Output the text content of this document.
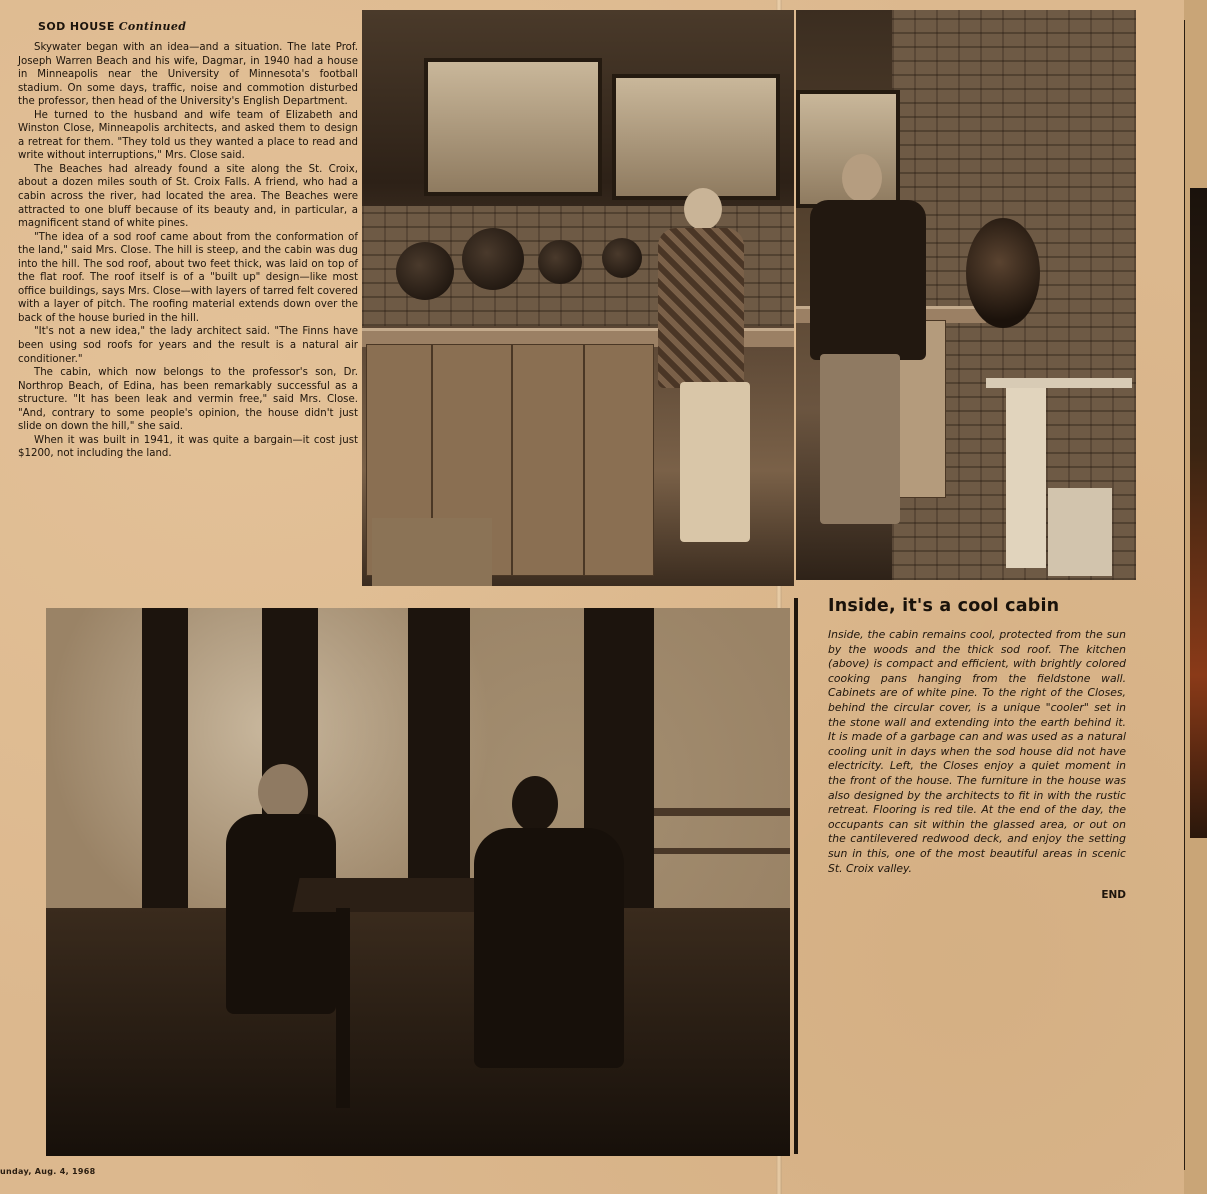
SOD HOUSE Continued

Skywater began with an idea—and a situation. The late Prof. Joseph Warren Beach and his wife, Dagmar, in 1940 had a house in Minneapolis near the University of Minnesota's football stadium. On some days, traffic, noise and commotion disturbed the professor, then head of the University's English Department.

He turned to the husband and wife team of Elizabeth and Winston Close, Minneapolis architects, and asked them to design a retreat for them. "They told us they wanted a place to read and write without interruptions," Mrs. Close said.

The Beaches had already found a site along the St. Croix, about a dozen miles south of St. Croix Falls. A friend, who had a cabin across the river, had located the area. The Beaches were attracted to one bluff because of its beauty and, in particular, a magnificent stand of white pines.

"The idea of a sod roof came about from the conformation of the land," said Mrs. Close. The hill is steep, and the cabin was dug into the hill. The sod roof, about two feet thick, was laid on top of the flat roof. The roof itself is of a "built up" design—like most office buildings, says Mrs. Close—with layers of tarred felt covered with a layer of pitch. The roofing material extends down over the back of the house buried in the hill.

"It's not a new idea," the lady architect said. "The Finns have been using sod roofs for years and the result is a natural air conditioner."

The cabin, which now belongs to the professor's son, Dr. Northrop Beach, of Edina, has been remarkably successful as a structure. "It has been leak and vermin free," said Mrs. Close. "And, contrary to some people's opinion, the house didn't just slide on down the hill," she said.

When it was built in 1941, it was quite a bargain—it cost just $1200, not including the land.

Inside, it's a cool cabin

Inside, the cabin remains cool, protected from the sun by the woods and the thick sod roof. The kitchen (above) is compact and efficient, with brightly colored cooking pans hanging from the fieldstone wall. Cabinets are of white pine. To the right of the Closes, behind the circular cover, is a unique "cooler" set in the stone wall and extending into the earth behind it. It is made of a garbage can and was used as a natural cooling unit in days when the sod house did not have electricity. Left, the Closes enjoy a quiet moment in the front of the house. The furniture in the house was also designed by the architects to fit in with the rustic retreat. Flooring is red tile. At the end of the day, the occupants can sit within the glassed area, or out on the cantilevered redwood deck, and enjoy the setting sun in this, one of the most beautiful areas in scenic St. Croix valley.

END

unday, Aug. 4, 1968
